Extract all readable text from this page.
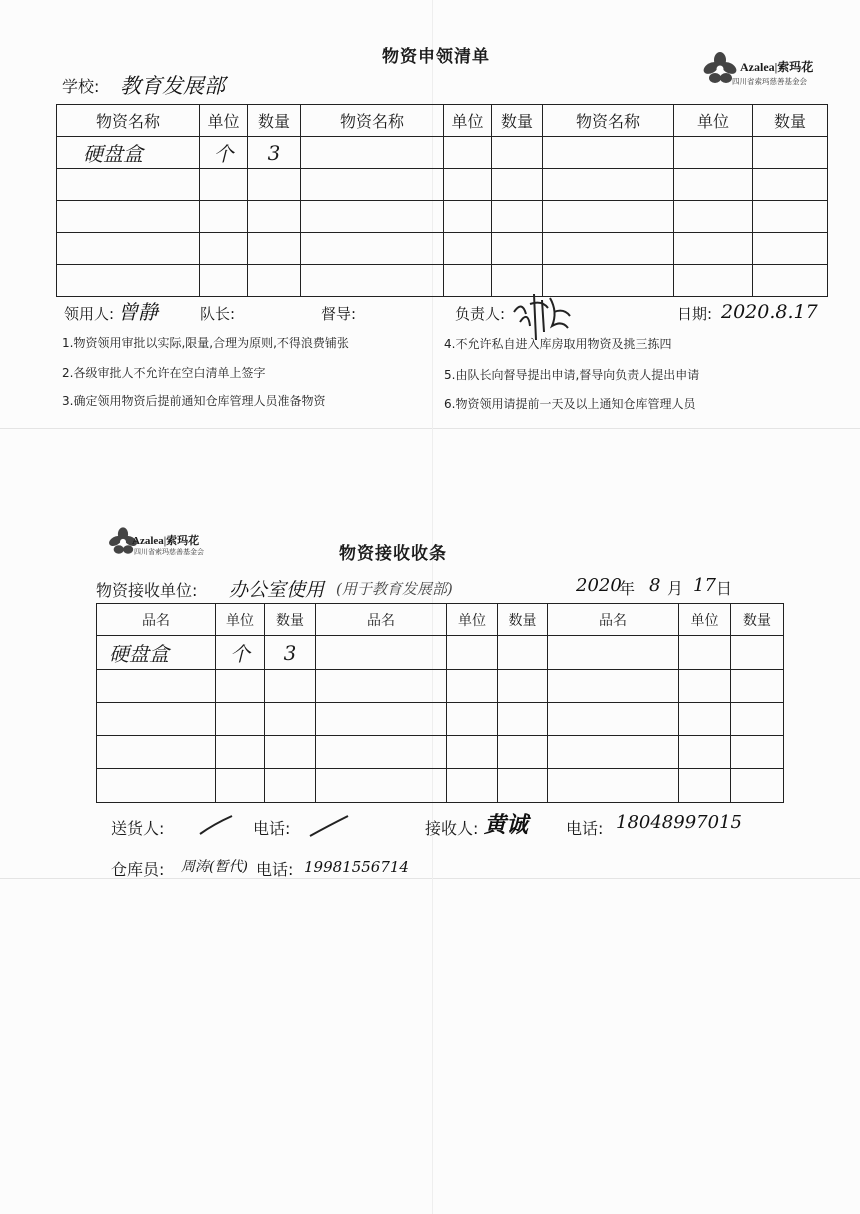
物资申领清单	Azalea|索玛花
四川省索玛慈善基金会
学校: 教育发展部
物资名称	单位	数量	物资名称	单位	数量	物资名称	单位	数量
硬盘盒	个	3						

领用人: 曾静	队长:	督导:	负责人:	日期: 2020.8.17
1.物资领用审批以实际,限量,合理为原则,不得浪费铺张
2.各级审批人不允许在空白清单上签字
3.确定领用物资后提前通知仓库管理人员准备物资
4.不允许私自进入库房取用物资及挑三拣四
5.由队长向督导提出申请,督导向负责人提出申请
6.物资领用请提前一天及以上通知仓库管理人员
Azalea|索玛花
四川省索玛慈善基金会	物资接收收条
物资接收单位: 办公室使用 (用于教育发展部)	2020
年 8 月 17 日
品名	单位	数量	品名	单位	数量	品名	单位	数量
硬盘盒	个	3						

送货人:	电话:	接收人: 黄诚 电话: 18048997015
仓库员: 周涛(暂代) 电话: 19981556714
